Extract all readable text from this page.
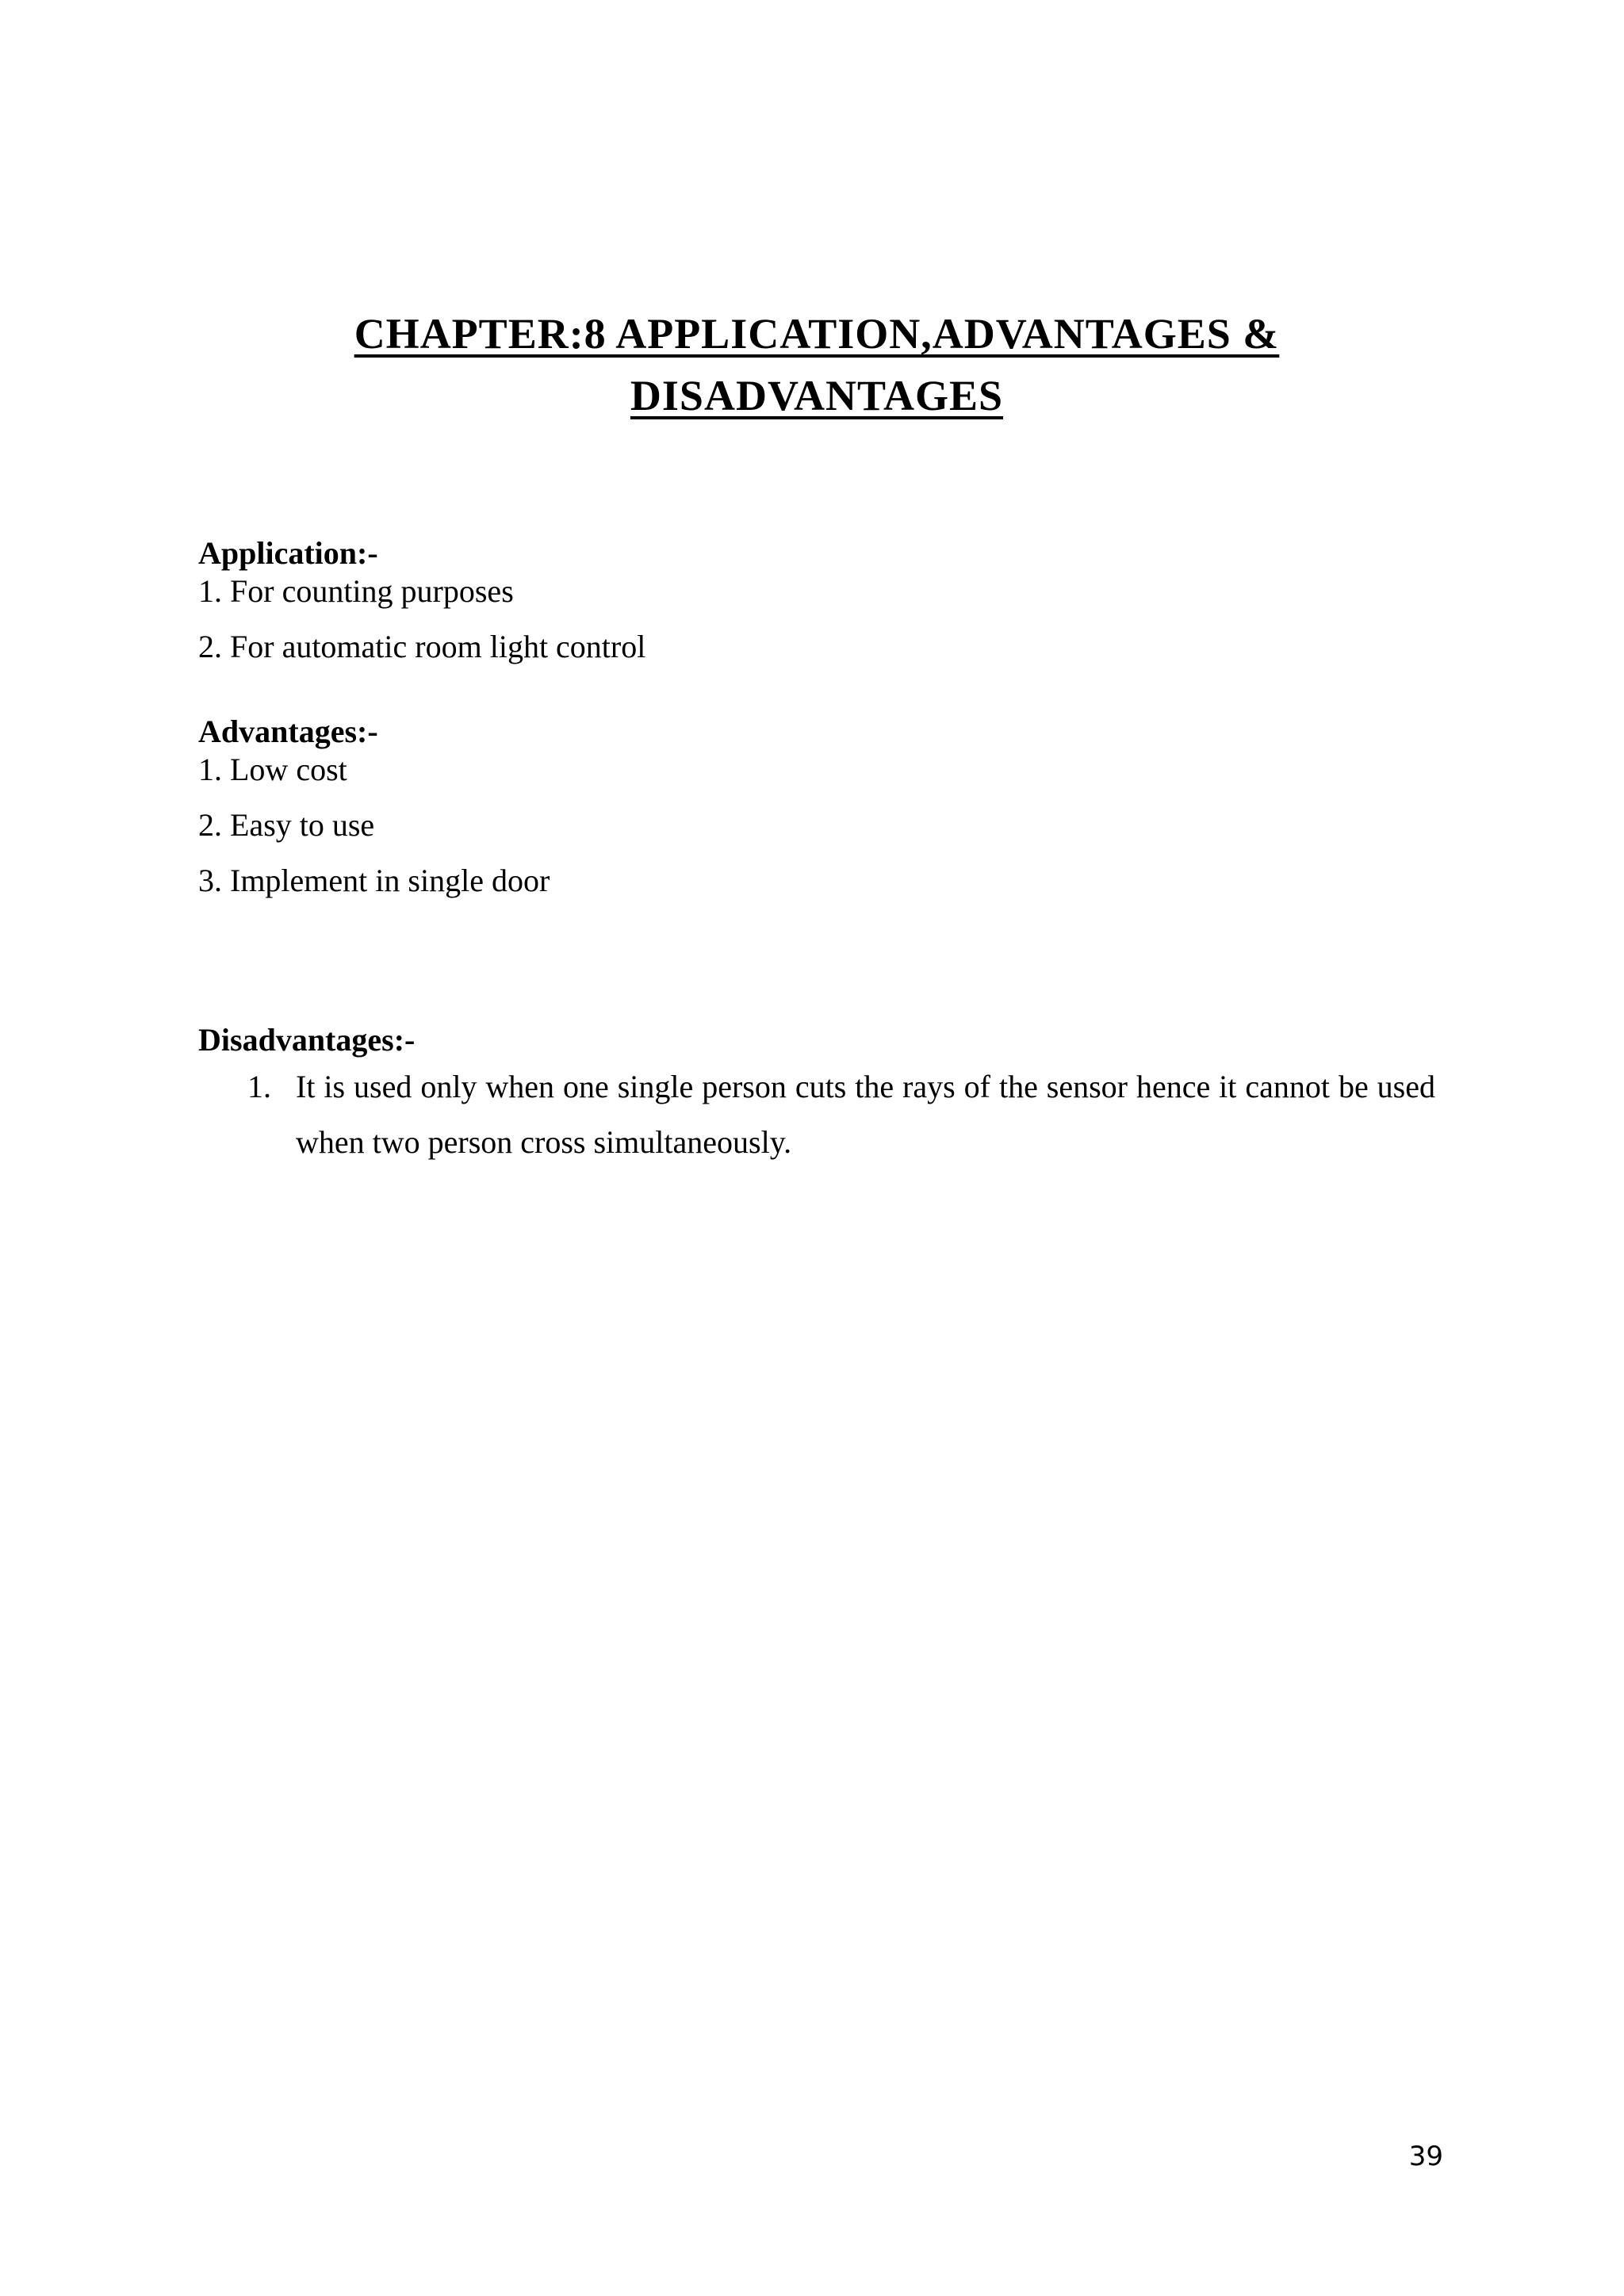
CHAPTER:8 APPLICATION,ADVANTAGES &
DISADVANTAGES

Application:-

1. For counting purposes

2. For automatic room light control

Advantages:-

1. Low cost

2. Easy to use

3. Implement in single door

Disadvantages:-

1. It is used only when one single person cuts the rays of the sensor hence it cannot be used when two person cross simultaneously.

39
